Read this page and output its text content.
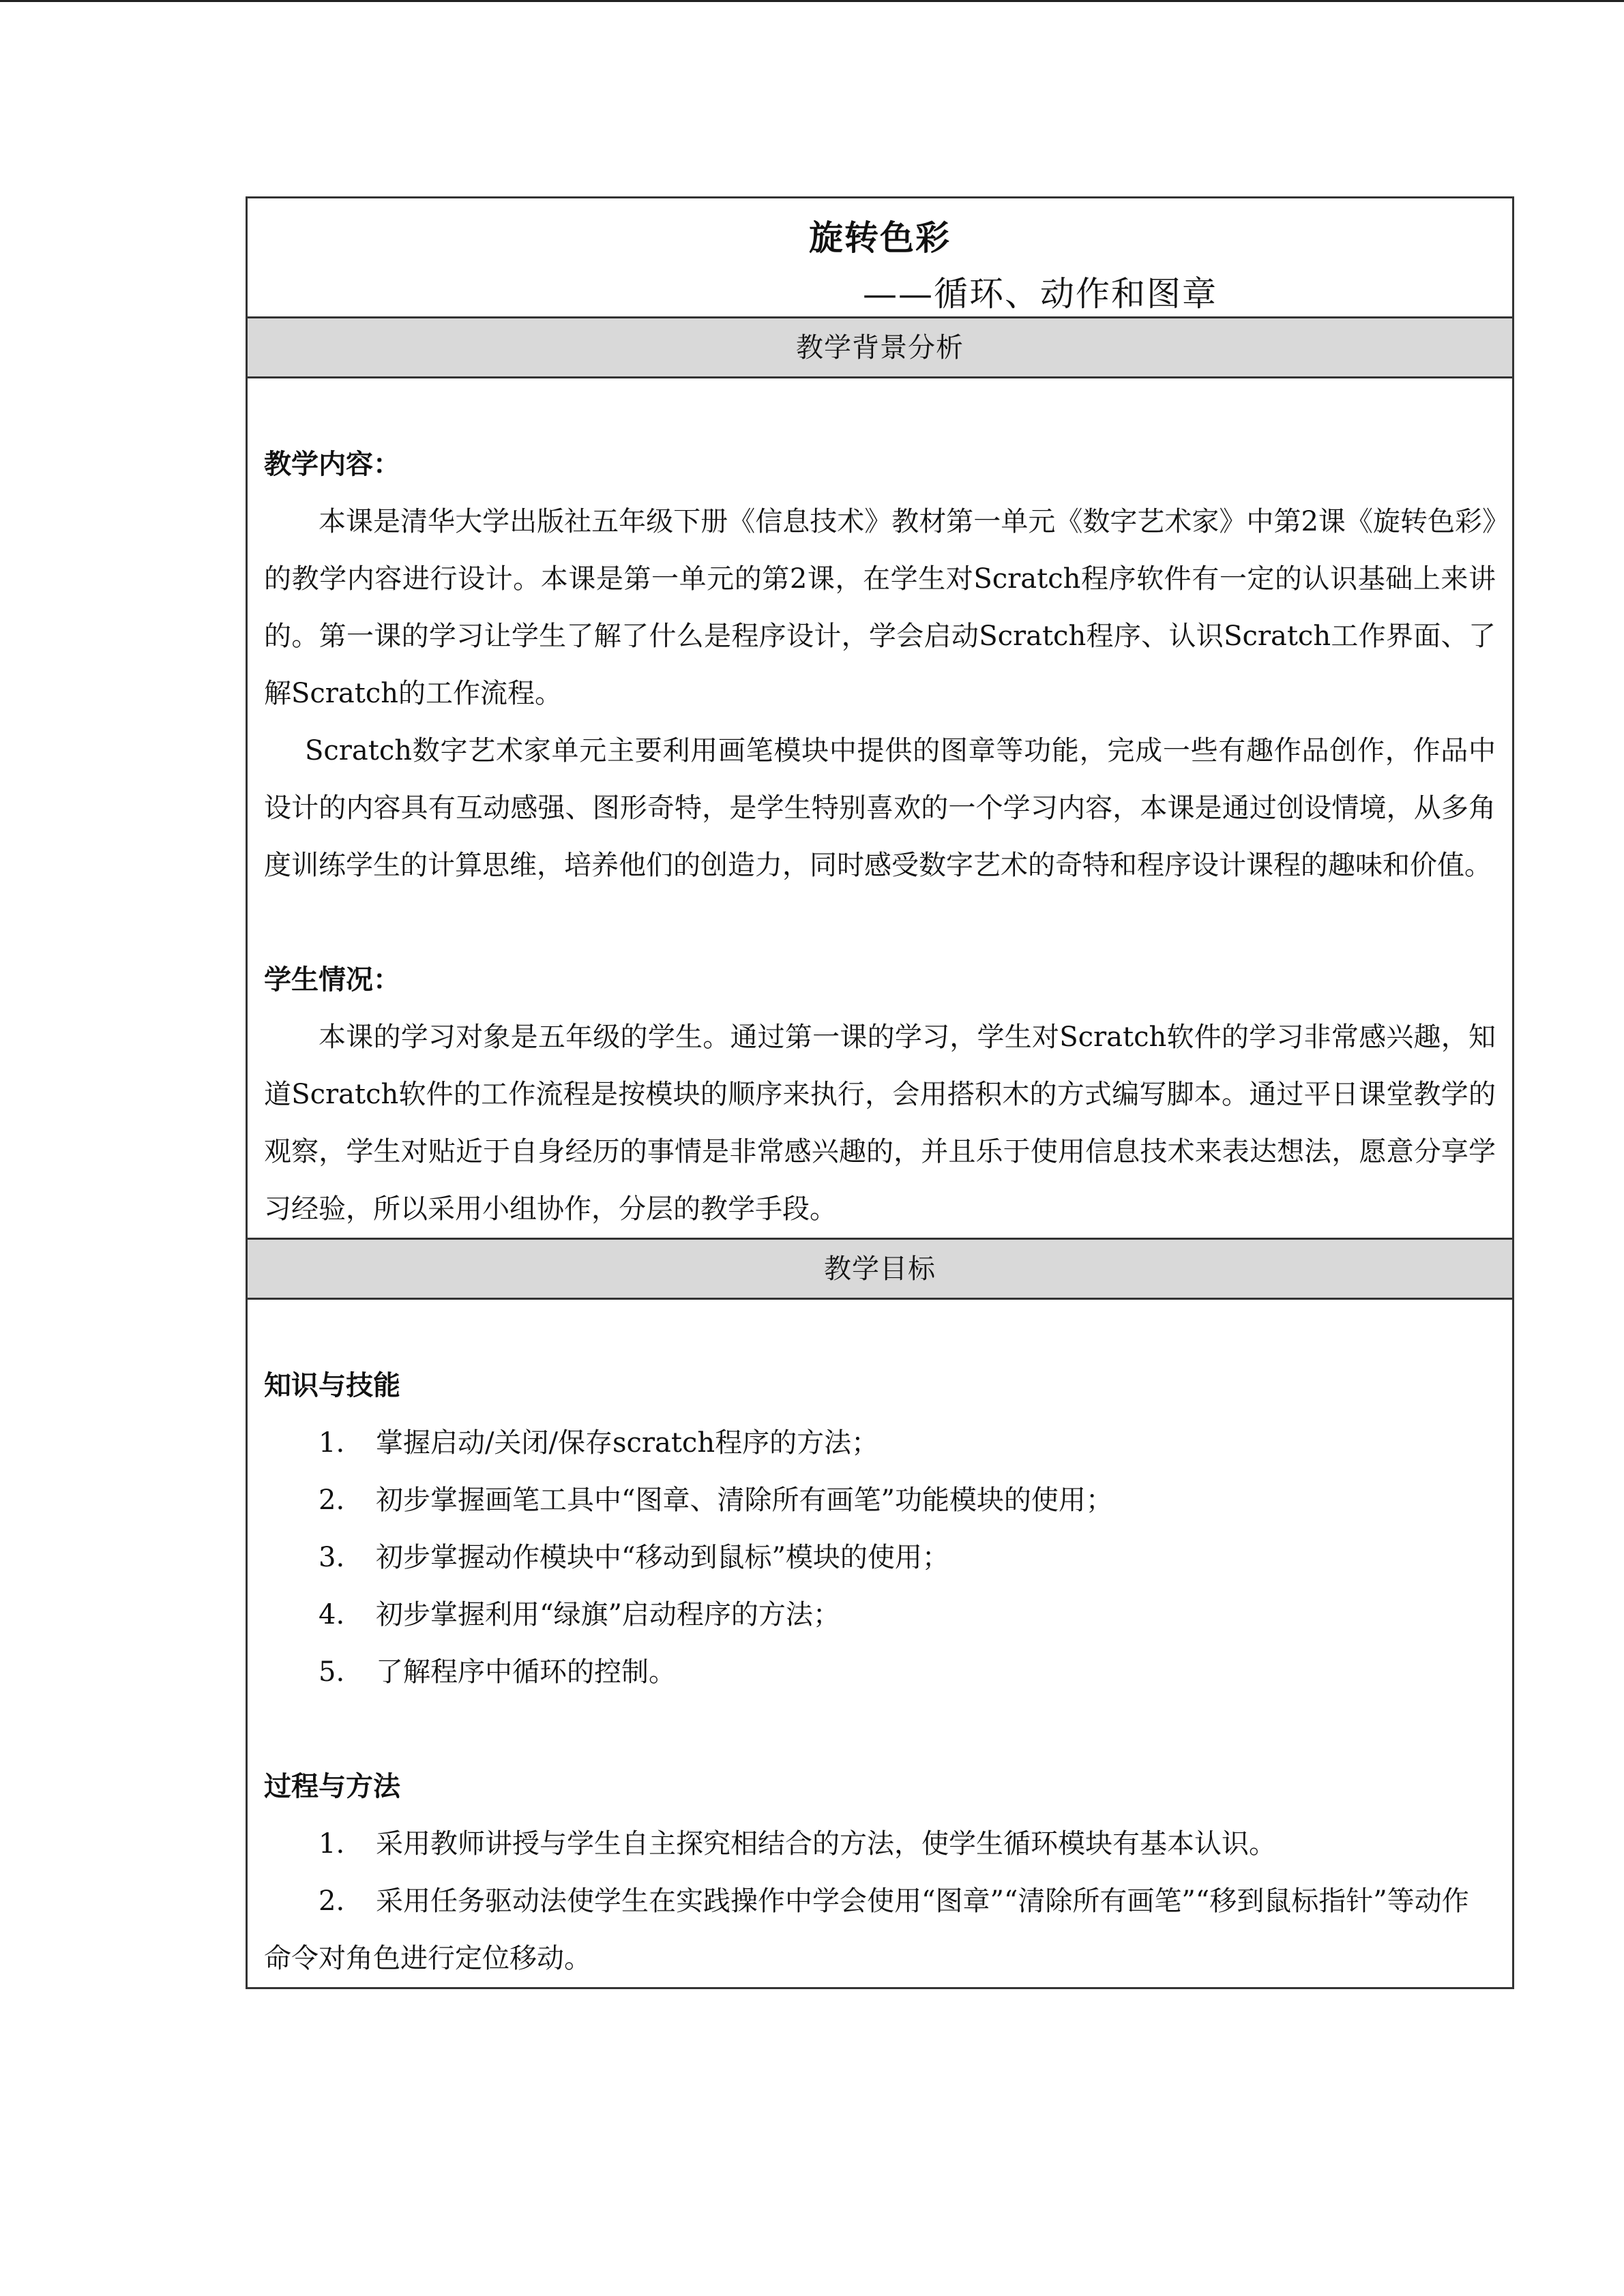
旋转色彩
——循环、动作和图章
教学背景分析
教学内容：

本课是清华大学出版社五年级下册《信息技术》教材第一单元《数字艺术家》中第2课《旋转色彩》的教学内容进行设计。本课是第一单元的第2课，在学生对Scratch程序软件有一定的认识基础上来讲的。第一课的学习让学生了解了什么是程序设计，学会启动Scratch程序、认识Scratch工作界面、了解Scratch的工作流程。

Scratch数字艺术家单元主要利用画笔模块中提供的图章等功能，完成一些有趣作品创作，作品中设计的内容具有互动感强、图形奇特，是学生特别喜欢的一个学习内容，本课是通过创设情境，从多角度训练学生的计算思维，培养他们的创造力，同时感受数字艺术的奇特和程序设计课程的趣味和价值。

学生情况：

本课的学习对象是五年级的学生。通过第一课的学习，学生对Scratch软件的学习非常感兴趣，知道Scratch软件的工作流程是按模块的顺序来执行，会用搭积木的方式编写脚本。通过平日课堂教学的观察，学生对贴近于自身经历的事情是非常感兴趣的，并且乐于使用信息技术来表达想法，愿意分享学习经验，所以采用小组协作，分层的教学手段。

教学目标
知识与技能
1.	掌握启动/关闭/保存scratch程序的方法；
2.	初步掌握画笔工具中“图章、清除所有画笔”功能模块的使用；
3.	初步掌握动作模块中“移动到鼠标”模块的使用；
4.	初步掌握利用“绿旗”启动程序的方法；
5.	了解程序中循环的控制。
过程与方法

1. 采用教师讲授与学生自主探究相结合的方法，使学生循环模块有基本认识。

2. 采用任务驱动法使学生在实践操作中学会使用“图章”“清除所有画笔”“移到鼠标指针”等动作命令对角色进行定位移动。
